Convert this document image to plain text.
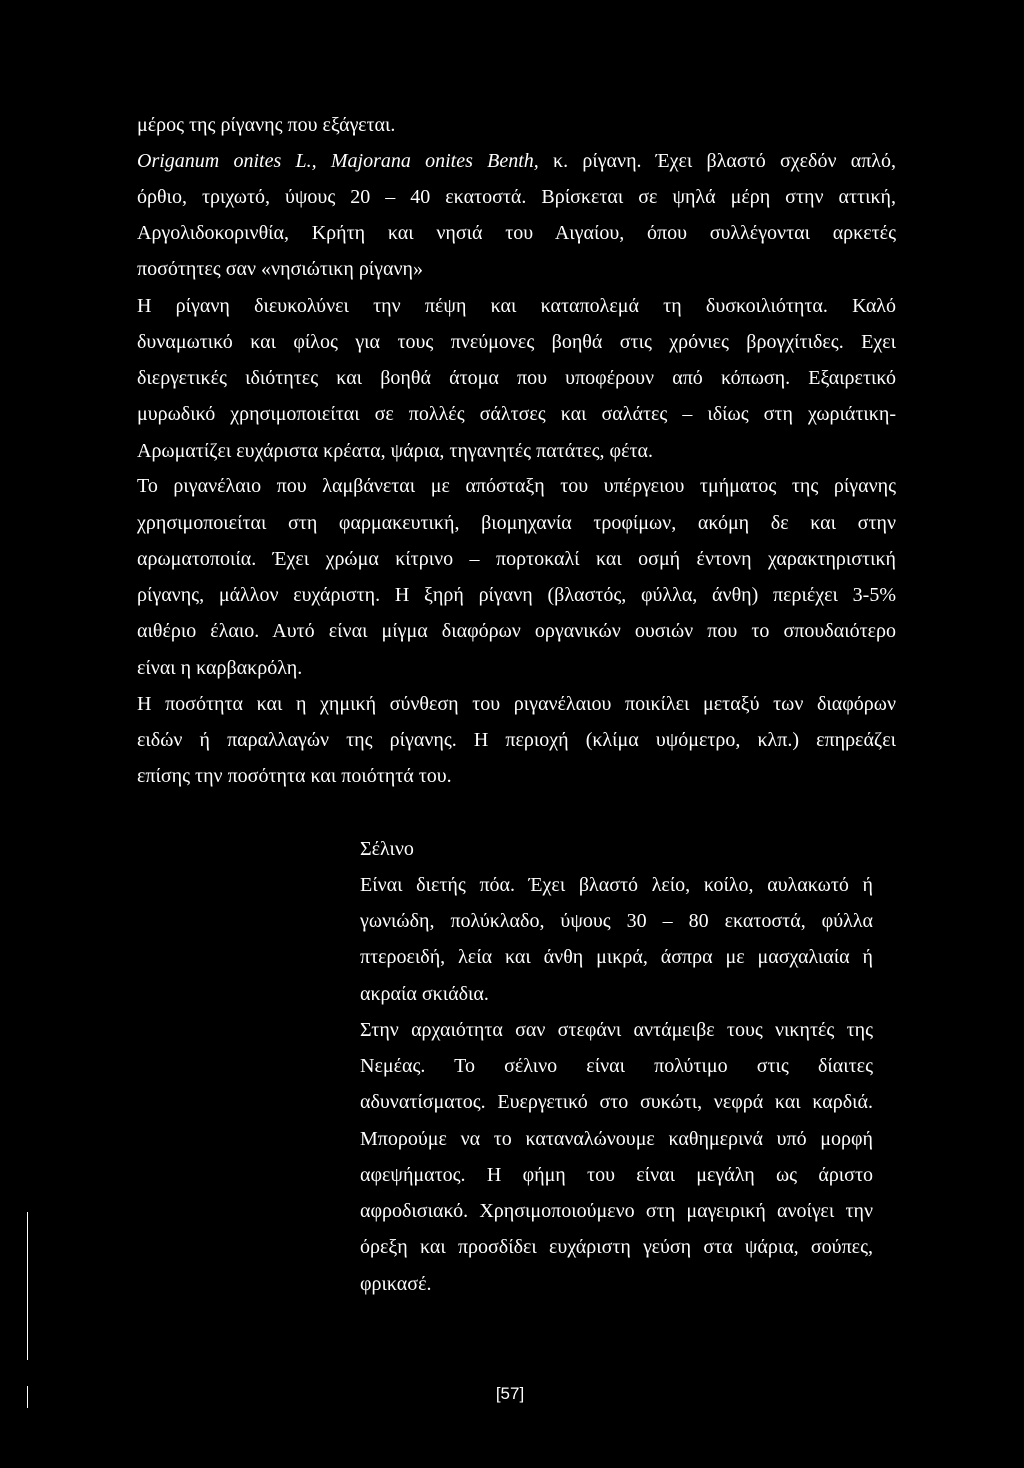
μέρος της ρίγανης που εξάγεται.
Origanum onites L., Majorana onites Benth, κ. ρίγανη. Έχει βλαστό σχεδόν απλό,
όρθιο, τριχωτό, ύψους 20 – 40 εκατοστά. Βρίσκεται σε ψηλά μέρη στην αττική,
Αργολιδοκορινθία, Κρήτη και νησιά του Αιγαίου, όπου συλλέγονται αρκετές
ποσότητες σαν «νησιώτικη ρίγανη»
Η ρίγανη διευκολύνει την πέψη και καταπολεμά τη δυσκοιλιότητα. Καλό
δυναμωτικό και φίλος για τους πνεύμονες βοηθά στις χρόνιες βρογχίτιδες. Εχει
διεργετικές ιδιότητες και βοηθά άτομα που υποφέρουν από κόπωση. Εξαιρετικό
μυρωδικό χρησιμοποιείται σε πολλές σάλτσες και σαλάτες – ιδίως στη χωριάτικη-
Αρωματίζει ευχάριστα κρέατα, ψάρια, τηγανητές πατάτες, φέτα.
Το ριγανέλαιο που λαμβάνεται με απόσταξη του υπέργειου τμήματος της ρίγανης
χρησιμοποιείται στη φαρμακευτική, βιομηχανία τροφίμων, ακόμη δε και στην
αρωματοποιία. Έχει χρώμα κίτρινο – πορτοκαλί και οσμή έντονη χαρακτηριστική
ρίγανης, μάλλον ευχάριστη. Η ξηρή ρίγανη (βλαστός, φύλλα, άνθη) περιέχει 3-5%
αιθέριο έλαιο. Αυτό είναι μίγμα διαφόρων οργανικών ουσιών που το σπουδαιότερο
είναι η καρβακρόλη.
Η ποσότητα και η χημική σύνθεση του ριγανέλαιου ποικίλει μεταξύ των διαφόρων
ειδών ή παραλλαγών της ρίγανης. Η περιοχή (κλίμα υψόμετρο, κλπ.) επηρεάζει
επίσης την ποσότητα και ποιότητά του.
Σέλινο
Είναι διετής πόα. Έχει βλαστό λείο, κοίλο, αυλακωτό ή
γωνιώδη, πολύκλαδο, ύψους 30 – 80 εκατοστά, φύλλα
πτεροειδή, λεία και άνθη μικρά, άσπρα με μασχαλιαία ή
ακραία σκιάδια.
Στην αρχαιότητα σαν στεφάνι αντάμειβε τους νικητές της
Νεμέας. Το σέλινο είναι πολύτιμο στις δίαιτες
αδυνατίσματος. Ευεργετικό στο συκώτι, νεφρά και καρδιά.
Μπορούμε να το καταναλώνουμε καθημερινά υπό μορφή
αφεψήματος. Η φήμη του είναι μεγάλη ως άριστο
αφροδισιακό. Χρησιμοποιούμενο στη μαγειρική ανοίγει την
όρεξη και προσδίδει ευχάριστη γεύση στα ψάρια, σούπες,
φρικασέ.
[57]
